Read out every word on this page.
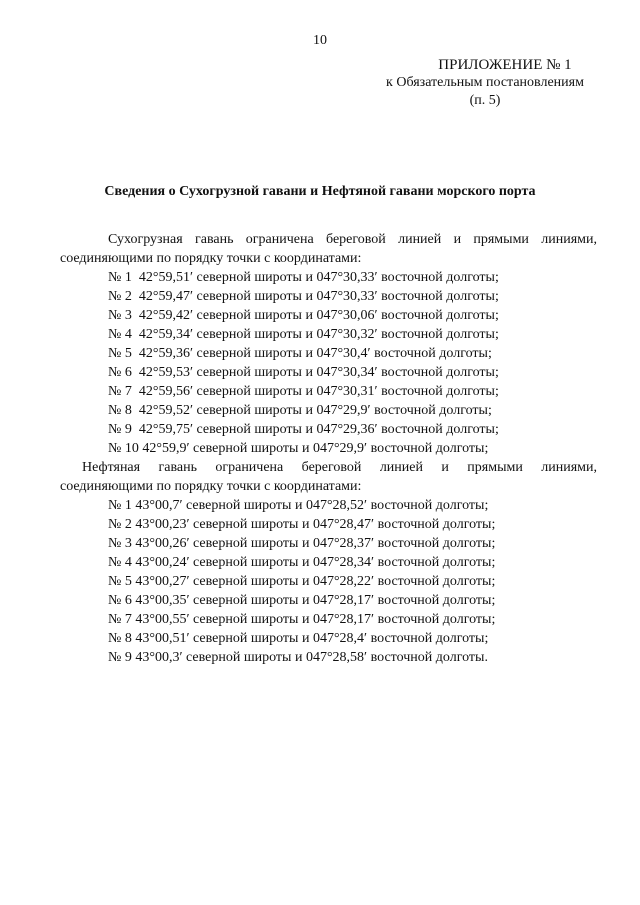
10
ПРИЛОЖЕНИЕ № 1
к Обязательным постановлениям
(п. 5)
Сведения о Сухогрузной гавани и Нефтяной гавани морского порта
Сухогрузная гавань ограничена береговой линией и прямыми линиями,
соединяющими по порядку точки с координатами:
№ 1  42°59,51′ северной широты и 047°30,33′ восточной долготы;
№ 2  42°59,47′ северной широты и 047°30,33′ восточной долготы;
№ 3  42°59,42′ северной широты и 047°30,06′ восточной долготы;
№ 4  42°59,34′ северной широты и 047°30,32′ восточной долготы;
№ 5  42°59,36′ северной широты и 047°30,4′ восточной долготы;
№ 6  42°59,53′ северной широты и 047°30,34′ восточной долготы;
№ 7  42°59,56′ северной широты и 047°30,31′ восточной долготы;
№ 8  42°59,52′ северной широты и 047°29,9′ восточной долготы;
№ 9  42°59,75′ северной широты и 047°29,36′ восточной долготы;
№ 10 42°59,9′ северной широты и 047°29,9′ восточной долготы;
Нефтяная гавань ограничена береговой линией и прямыми линиями,
соединяющими по порядку точки с координатами:
№ 1 43°00,7′ северной широты и 047°28,52′ восточной долготы;
№ 2 43°00,23′ северной широты и 047°28,47′ восточной долготы;
№ 3 43°00,26′ северной широты и 047°28,37′ восточной долготы;
№ 4 43°00,24′ северной широты и 047°28,34′ восточной долготы;
№ 5 43°00,27′ северной широты и 047°28,22′ восточной долготы;
№ 6 43°00,35′ северной широты и 047°28,17′ восточной долготы;
№ 7 43°00,55′ северной широты и 047°28,17′ восточной долготы;
№ 8 43°00,51′ северной широты и 047°28,4′ восточной долготы;
№ 9 43°00,3′ северной широты и 047°28,58′ восточной долготы.
